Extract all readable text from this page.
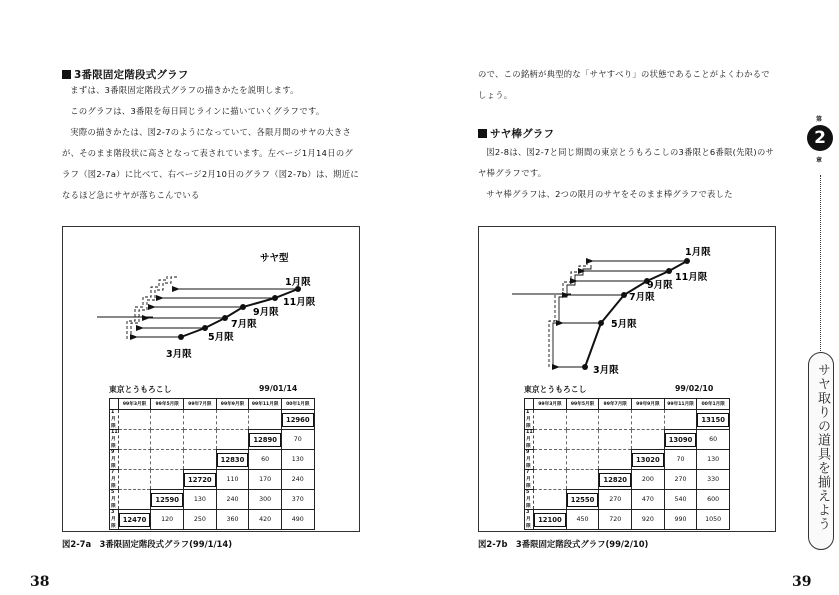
3番限固定階段式グラフ
まずは、3番限固定階段式グラフの描きかたを説明します。
このグラフは、3番限を毎日同じラインに描いていくグラフです。
実際の描きかたは、図2-7のようになっていて、各限月間のサヤの大きさが、そのまま階段状に高さとなって表されています。左ページ1月14日のグラフ（図2-7a）に比べて、右ページ2月10日のグラフ（図2-7b）は、期近になるほど急にサヤが落ちこんでいる
サヤ型
1月限
11月限
9月限
7月限
5月限
3月限
東京とうもろこし	99/01/14
	99年3月限	99年5月限	99年7月限	99年9月限	99年11月限	00年1月限
1月限						12960
11月限					12890	70
9月限				12830	60	130
7月限			12720	110	170	240
5月限		12590	130	240	300	370
3月限	12470	120	250	360	420	490
図2-7a　3番限固定階段式グラフ(99/1/14)
38
ので、この銘柄が典型的な「サヤすべり」の状態であることがよくわかるでしょう。
サヤ棒グラフ
図2-8は、図2-7と同じ期間の東京とうもろこしの3番限と6番限(先限)のサヤ棒グラフです。
サヤ棒グラフは、2つの限月のサヤをそのまま棒グラフで表した
1月限
11月限
9月限
7月限
5月限
3月限
東京とうもろこし	99/02/10
	99年3月限	99年5月限	99年7月限	99年9月限	99年11月限	00年1月限
1月限						13150
11月限					13090	60
9月限				13020	70	130
7月限			12820	200	270	330
5月限		12550	270	470	540	600
3月限	12100	450	720	920	990	1050
図2-7b　3番限固定階段式グラフ(99/2/10)
39
第
2
章
サヤ取りの道具を揃えよう
